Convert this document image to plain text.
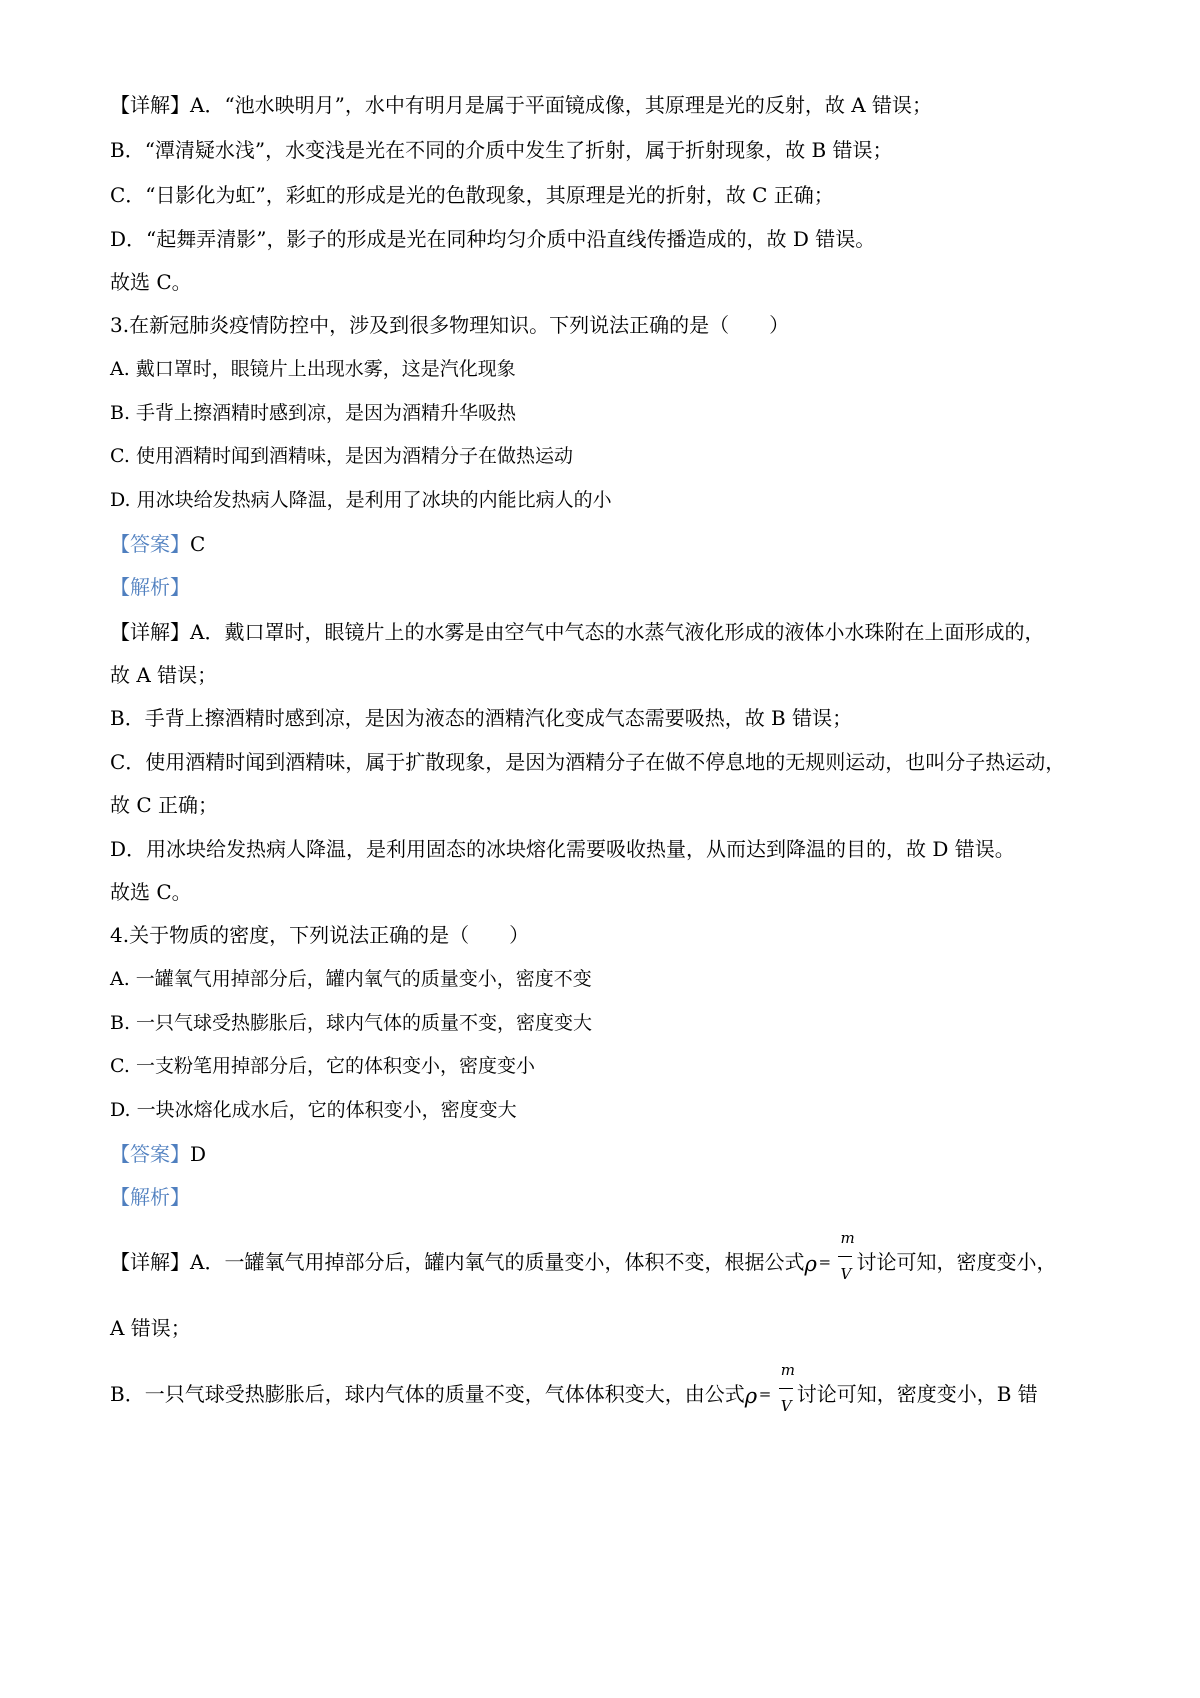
【详解】A．“池水映明月”，水中有明月是属于平面镜成像，其原理是光的反射，故 A 错误；
B．“潭清疑水浅”，水变浅是光在不同的介质中发生了折射，属于折射现象，故 B 错误；
C．“日影化为虹”，彩虹的形成是光的色散现象，其原理是光的折射，故 C 正确；
D．“起舞弄清影”，影子的形成是光在同种均匀介质中沿直线传播造成的，故 D 错误。
故选 C。
3.在新冠肺炎疫情防控中，涉及到很多物理知识。下列说法正确的是（　　）
A. 戴口罩时，眼镜片上出现水雾，这是汽化现象
B. 手背上擦酒精时感到凉，是因为酒精升华吸热
C. 使用酒精时闻到酒精味，是因为酒精分子在做热运动
D. 用冰块给发热病人降温，是利用了冰块的内能比病人的小
【答案】C
【解析】
【详解】A．戴口罩时，眼镜片上的水雾是由空气中气态的水蒸气液化形成的液体小水珠附在上面形成的，
故 A 错误；
B．手背上擦酒精时感到凉，是因为液态的酒精汽化变成气态需要吸热，故 B 错误；
C．使用酒精时闻到酒精味，属于扩散现象，是因为酒精分子在做不停息地的无规则运动，也叫分子热运动，
故 C 正确；
D．用冰块给发热病人降温，是利用固态的冰块熔化需要吸收热量，从而达到降温的目的，故 D 错误。
故选 C。
4.关于物质的密度，下列说法正确的是（　　）
A. 一罐氧气用掉部分后，罐内氧气的质量变小，密度不变
B. 一只气球受热膨胀后，球内气体的质量不变，密度变大
C. 一支粉笔用掉部分后，它的体积变小，密度变小
D. 一块冰熔化成水后，它的体积变小，密度变大
【答案】D
【解析】
【详解】A．一罐氧气用掉部分后，罐内氧气的质量变小，体积不变，根据公式 ρ =
m
V 讨论可知，密度变小，
A 错误；
B．一只气球受热膨胀后，球内气体的质量不变，气体体积变大，由公式 ρ =
m
V 讨论可知，密度变小，B 错
